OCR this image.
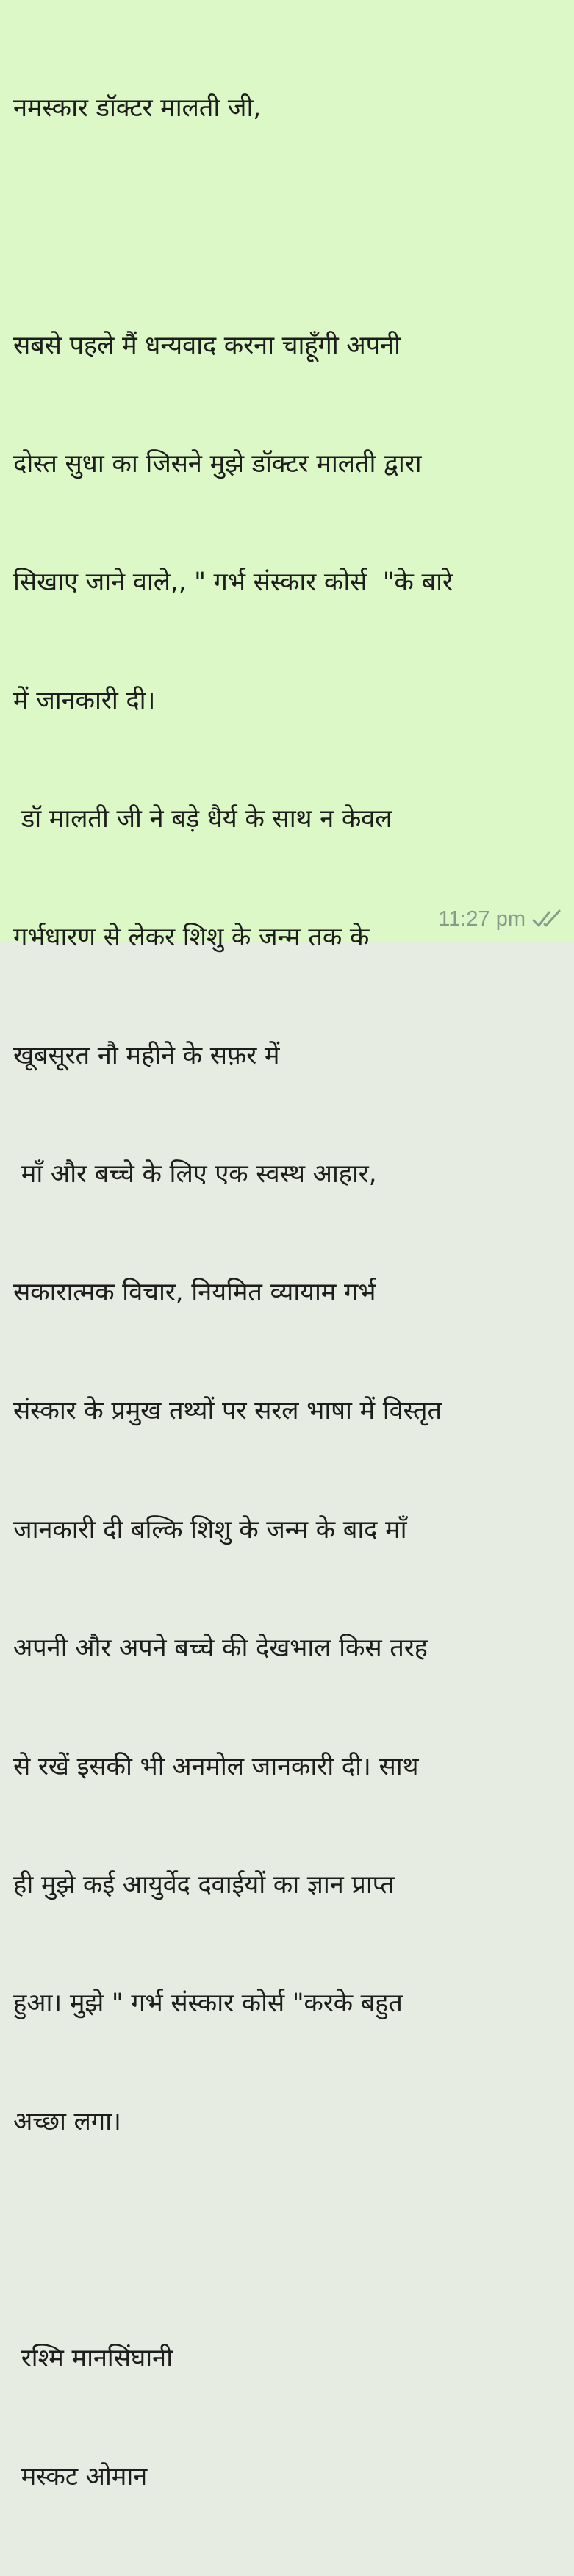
नमस्कार डॉक्टर मालती जी,

सबसे पहले मैं धन्यवाद करना चाहूँगी अपनी

दोस्त सुधा का जिसने मुझे डॉक्टर मालती द्वारा

सिखाए जाने वाले,, " गर्भ संस्कार कोर्स  "के बारे

में जानकारी दी।

डॉ मालती जी ने बड़े धैर्य के साथ न केवल

गर्भधारण से लेकर शिशु के जन्म तक के

खूबसूरत नौ महीने के सफ़र में

माँ और बच्चे के लिए एक स्वस्थ आहार,

सकारात्मक विचार, नियमित व्यायाम गर्भ

संस्कार के प्रमुख तथ्यों पर सरल भाषा में विस्तृत

जानकारी दी बल्कि शिशु के जन्म के बाद माँ

अपनी और अपने बच्चे की देखभाल किस तरह

से रखें इसकी भी अनमोल जानकारी दी। साथ

ही मुझे कई आयुर्वेद दवाईयों का ज्ञान प्राप्त

हुआ। मुझे " गर्भ संस्कार कोर्स "करके बहुत

अच्छा लगा।

रश्मि मानसिंघानी

मस्कट ओमान

11:27 pm
